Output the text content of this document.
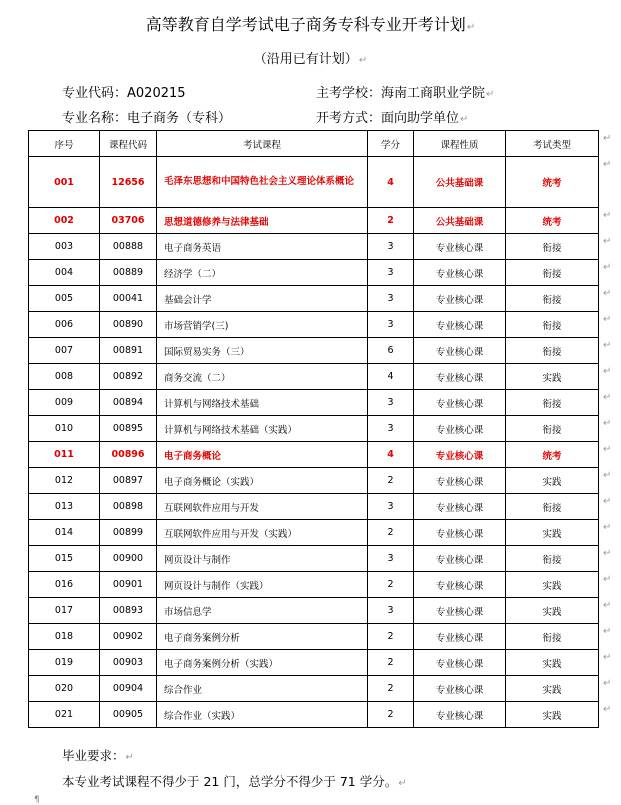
高等教育自学考试电子商务专科专业开考计划↵
（沿用已有计划）↵
专业代码：A020215	主考学校：海南工商职业学院↵
专业名称：电子商务（专科）	开考方式：面向助学单位↵
序号	课程代码	考试课程	学分	课程性质	考试类型
001	12656	毛泽东思想和中国特色社会主义理论体系概论	4	公共基础课	统考
002	03706	思想道德修养与法律基础	2	公共基础课	统考
003	00888	电子商务英语	3	专业核心课	衔接
004	00889	经济学（二）	3	专业核心课	衔接
005	00041	基础会计学	3	专业核心课	衔接
006	00890	市场营销学(三)	3	专业核心课	衔接
007	00891	国际贸易实务（三）	6	专业核心课	衔接
008	00892	商务交流（二）	4	专业核心课	实践
009	00894	计算机与网络技术基础	3	专业核心课	衔接
010	00895	计算机与网络技术基础（实践）	3	专业核心课	衔接
011	00896	电子商务概论	4	专业核心课	统考
012	00897	电子商务概论（实践）	2	专业核心课	实践
013	00898	互联网软件应用与开发	3	专业核心课	衔接
014	00899	互联网软件应用与开发（实践）	2	专业核心课	实践
015	00900	网页设计与制作	3	专业核心课	衔接
016	00901	网页设计与制作（实践）	2	专业核心课	实践
017	00893	市场信息学	3	专业核心课	实践
018	00902	电子商务案例分析	2	专业核心课	衔接
019	00903	电子商务案例分析（实践）	2	专业核心课	实践
020	00904	综合作业	2	专业核心课	实践
021	00905	综合作业（实践）	2	专业核心课	实践
↵
↵
↵
↵
↵
↵
↵
↵
↵
↵
↵
↵
↵
↵
↵
↵
↵
↵
↵
↵
↵
↵
毕业要求：↵
本专业考试课程不得少于 21 门，总学分不得少于 71 学分。↵
¶
